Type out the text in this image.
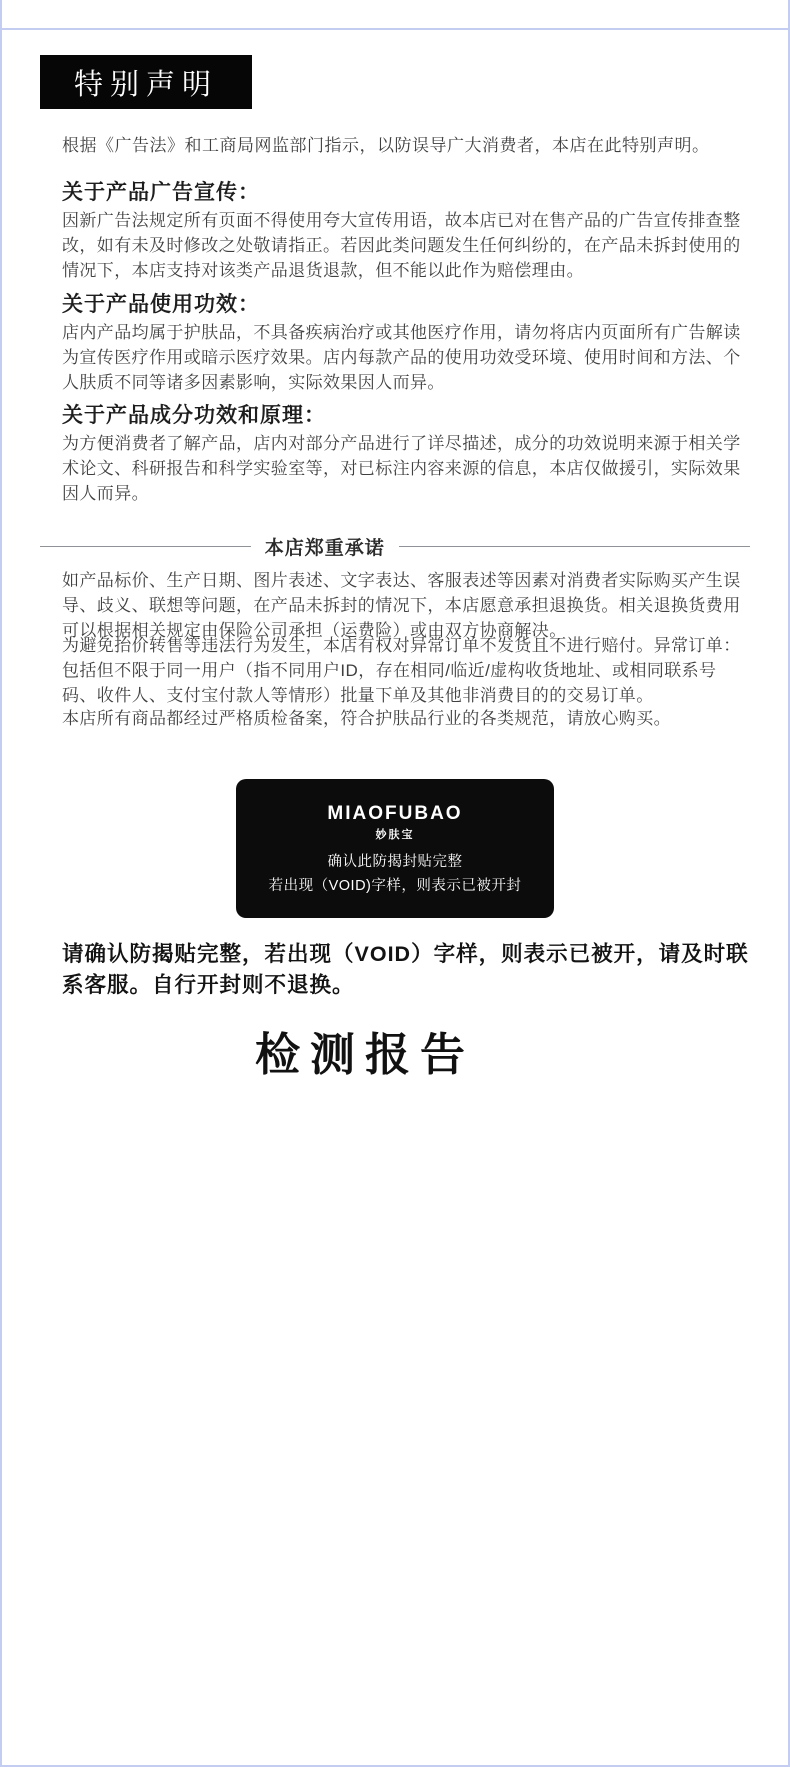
特别声明
根据《广告法》和工商局网监部门指示，以防误导广大消费者，本店在此特别声明。
关于产品广告宣传：
因新广告法规定所有页面不得使用夸大宣传用语，故本店已对在售产品的广告宣传排查整改，如有未及时修改之处敬请指正。若因此类问题发生任何纠纷的，在产品未拆封使用的情况下，本店支持对该类产品退货退款，但不能以此作为赔偿理由。
关于产品使用功效：
店内产品均属于护肤品，不具备疾病治疗或其他医疗作用，请勿将店内页面所有广告解读为宣传医疗作用或暗示医疗效果。店内每款产品的使用功效受环境、使用时间和方法、个人肤质不同等诸多因素影响，实际效果因人而异。
关于产品成分功效和原理：
为方便消费者了解产品，店内对部分产品进行了详尽描述，成分的功效说明来源于相关学术论文、科研报告和科学实验室等，对已标注内容来源的信息，本店仅做援引，实际效果因人而异。
本店郑重承诺
如产品标价、生产日期、图片表述、文字表达、客服表述等因素对消费者实际购买产生误导、歧义、联想等问题，在产品未拆封的情况下，本店愿意承担退换货。相关退换货费用可以根据相关规定由保险公司承担（运费险）或由双方协商解决。
为避免抬价转售等违法行为发生，本店有权对异常订单不发货且不进行赔付。异常订单：包括但不限于同一用户（指不同用户ID，存在相同/临近/虚构收货地址、或相同联系号码、收件人、支付宝付款人等情形）批量下单及其他非消费目的的交易订单。
本店所有商品都经过严格质检备案，符合护肤品行业的各类规范，请放心购买。
MIAOFUBAO
妙肤宝
确认此防揭封贴完整
若出现（VOID)字样，则表示已被开封
请确认防揭贴完整，若出现（VOID）字样，则表示已被开，请及时联系客服。自行开封则不退换。
检测报告
